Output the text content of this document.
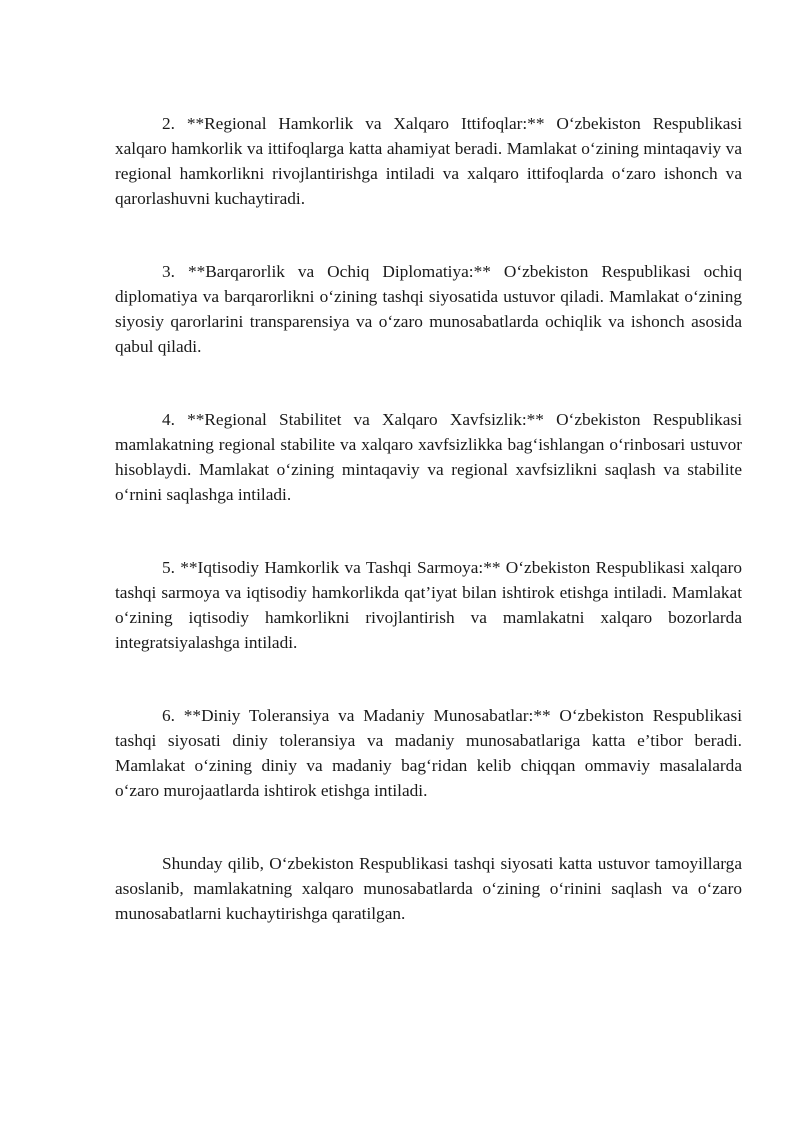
2. **Regional Hamkorlik va Xalqaro Ittifoqlar:** O‘zbekiston Respublikasi xalqaro hamkorlik va ittifoqlarga katta ahamiyat beradi. Mamlakat o‘zining mintaqaviy va regional hamkorlikni rivojlantirishga intiladi va xalqaro ittifoqlarda o‘zaro ishonch va qarorlashuvni kuchaytiradi.

3. **Barqarorlik va Ochiq Diplomatiya:** O‘zbekiston Respublikasi ochiq diplomatiya va barqarorlikni o‘zining tashqi siyosatida ustuvor qiladi. Mamlakat o‘zining siyosiy qarorlarini transparensiya va o‘zaro munosabatlarda ochiqlik va ishonch asosida qabul qiladi.

4. **Regional Stabilitet va Xalqaro Xavfsizlik:** O‘zbekiston Respublikasi mamlakatning regional stabilite va xalqaro xavfsizlikka bag‘ishlangan o‘rinbosari ustuvor hisoblaydi. Mamlakat o‘zining mintaqaviy va regional xavfsizlikni saqlash va stabilite o‘rnini saqlashga intiladi.

5. **Iqtisodiy Hamkorlik va Tashqi Sarmoya:** O‘zbekiston Respublikasi xalqaro tashqi sarmoya va iqtisodiy hamkorlikda qat’iyat bilan ishtirok etishga intiladi. Mamlakat o‘zining iqtisodiy hamkorlikni rivojlantirish va mamlakatni xalqaro bozorlarda integratsiyalashga intiladi.

6. **Diniy Toleransiya va Madaniy Munosabatlar:** O‘zbekiston Respublikasi tashqi siyosati diniy toleransiya va madaniy munosabatlariga katta e’tibor beradi. Mamlakat o‘zining diniy va madaniy bag‘ridan kelib chiqqan ommaviy masalalarda o‘zaro murojaatlarda ishtirok etishga intiladi.

Shunday qilib, O‘zbekiston Respublikasi tashqi siyosati katta ustuvor tamoyillarga asoslanib, mamlakatning xalqaro munosabatlarda o‘zining o‘rinini saqlash va o‘zaro munosabatlarni kuchaytirishga qaratilgan.
